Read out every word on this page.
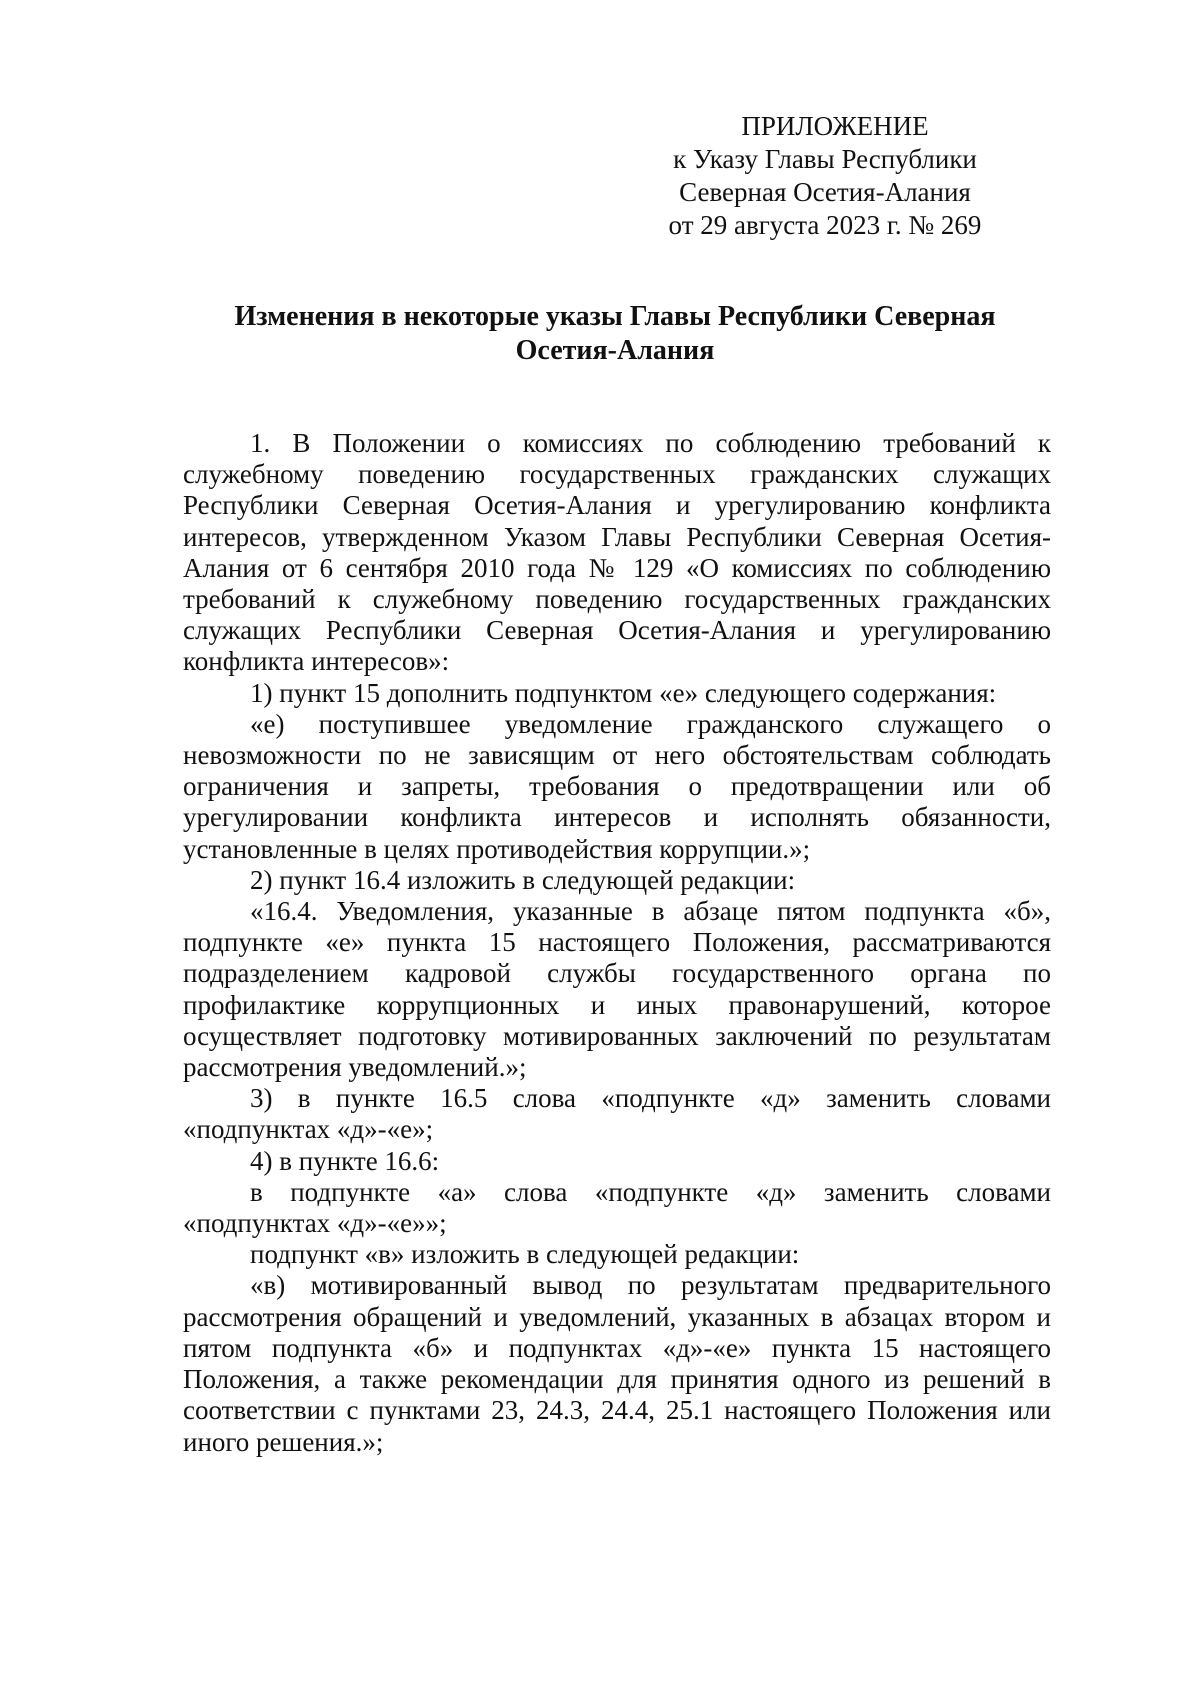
ПРИЛОЖЕНИЕ
к Указу Главы Республики
Северная Осетия-Алания
от 29 августа 2023 г. № 269
Изменения в некоторые указы Главы Республики Северная Осетия-Алания

1. В Положении о комиссиях по соблюдению требований к служебному поведению государственных гражданских служащих Республики Северная Осетия-Алания и урегулированию конфликта интересов, утвержденном Указом Главы Республики Северная Осетия-Алания от 6 сентября 2010 года № 129 «О комиссиях по соблюдению требований к служебному поведению государственных гражданских служащих Республики Северная Осетия-Алания и урегулированию конфликта интересов»:

1) пункт 15 дополнить подпунктом «е» следующего содержания:

«е) поступившее уведомление гражданского служащего о невозможности по не зависящим от него обстоятельствам соблюдать ограничения и запреты, требования о предотвращении или об урегулировании конфликта интересов и исполнять обязанности, установленные в целях противодействия коррупции.»;

2) пункт 16.4 изложить в следующей редакции:

«16.4. Уведомления, указанные в абзаце пятом подпункта «б», подпункте «е» пункта 15 настоящего Положения, рассматриваются подразделением кадровой службы государственного органа по профилактике коррупционных и иных правонарушений, которое осуществляет подготовку мотивированных заключений по результатам рассмотрения уведомлений.»;

3) в пункте 16.5 слова «подпункте «д» заменить словами «подпунктах «д»-«е»;

4) в пункте 16.6:

в подпункте «а» слова «подпункте «д» заменить словами «подпунктах «д»-«е»»;

подпункт «в» изложить в следующей редакции:

«в) мотивированный вывод по результатам предварительного рассмотрения обращений и уведомлений, указанных в абзацах втором и пятом подпункта «б» и подпунктах «д»-«е» пункта 15 настоящего Положения, а также рекомендации для принятия одного из решений в соответствии с пунктами 23, 24.3, 24.4, 25.1 настоящего Положения или иного решения.»;
